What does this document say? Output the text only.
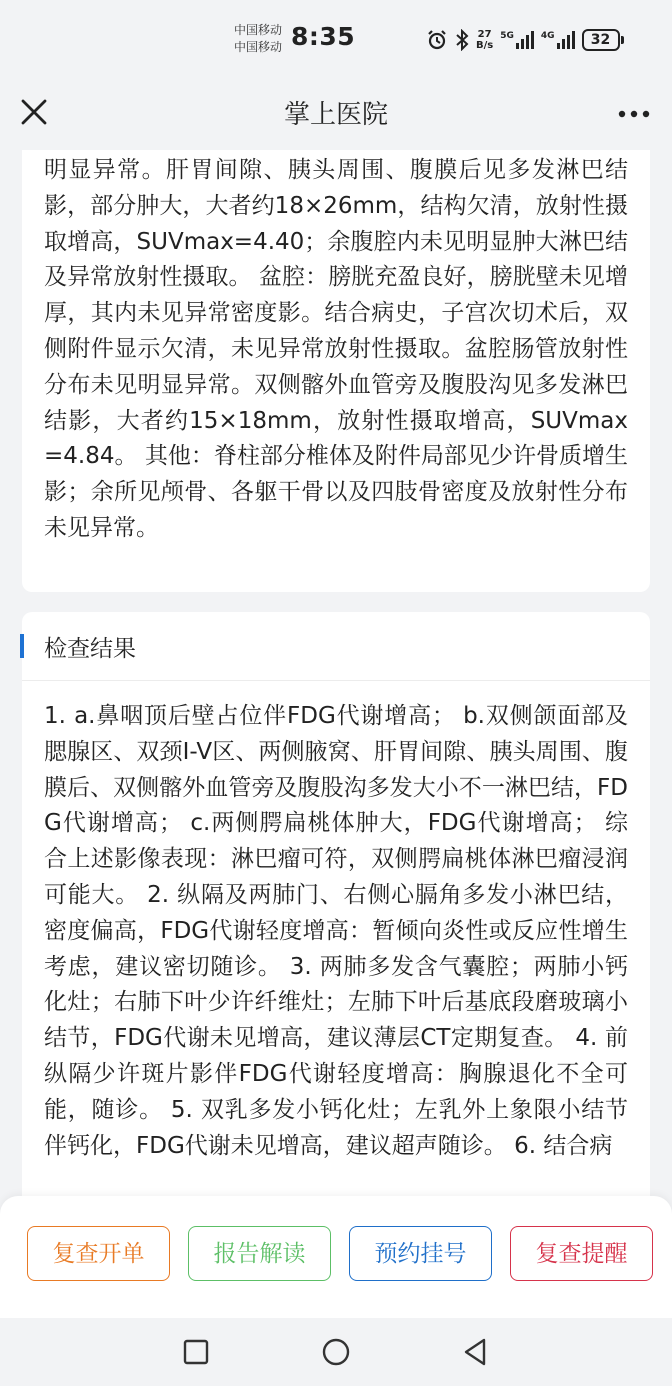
中国移动
中国移动 8:35	27
B/s
5G	4G	32
掌上医院

明显异常。肝胃间隙、胰头周围、腹膜后见多发淋巴结影，部分肿大，大者约18×26mm，结构欠清，放射性摄取增高，SUVmax=4.40；余腹腔内未见明显肿大淋巴结及异常放射性摄取。 盆腔：膀胱充盈良好，膀胱壁未见增厚，其内未见异常密度影。结合病史，子宫次切术后，双侧附件显示欠清，未见异常放射性摄取。盆腔肠管放射性分布未见明显异常。双侧髂外血管旁及腹股沟见多发淋巴结影，大者约15×18mm，放射性摄取增高，SUVmax=4.84。 其他：脊柱部分椎体及附件局部见少许骨质增生影；余所见颅骨、各躯干骨以及四肢骨密度及放射性分布未见异常。

检查结果

1. a.鼻咽顶后壁占位伴FDG代谢增高； b.双侧颌面部及腮腺区、双颈I-V区、两侧腋窝、肝胃间隙、胰头周围、腹膜后、双侧髂外血管旁及腹股沟多发大小不一淋巴结，FDG代谢增高； c.两侧腭扁桃体肿大，FDG代谢增高； 综合上述影像表现：淋巴瘤可符，双侧腭扁桃体淋巴瘤浸润可能大。 2. 纵隔及两肺门、右侧心膈角多发小淋巴结，密度偏高，FDG代谢轻度增高：暂倾向炎性或反应性增生考虑，建议密切随诊。 3. 两肺多发含气囊腔；两肺小钙化灶；右肺下叶少许纤维灶；左肺下叶后基底段磨玻璃小结节，FDG代谢未见增高，建议薄层CT定期复查。 4. 前纵隔少许斑片影伴FDG代谢轻度增高：胸腺退化不全可能，随诊。 5. 双乳多发小钙化灶；左乳外上象限小结节伴钙化，FDG代谢未见增高，建议超声随诊。 6. 结合病

复查开单	报告解读	预约挂号	复查提醒
